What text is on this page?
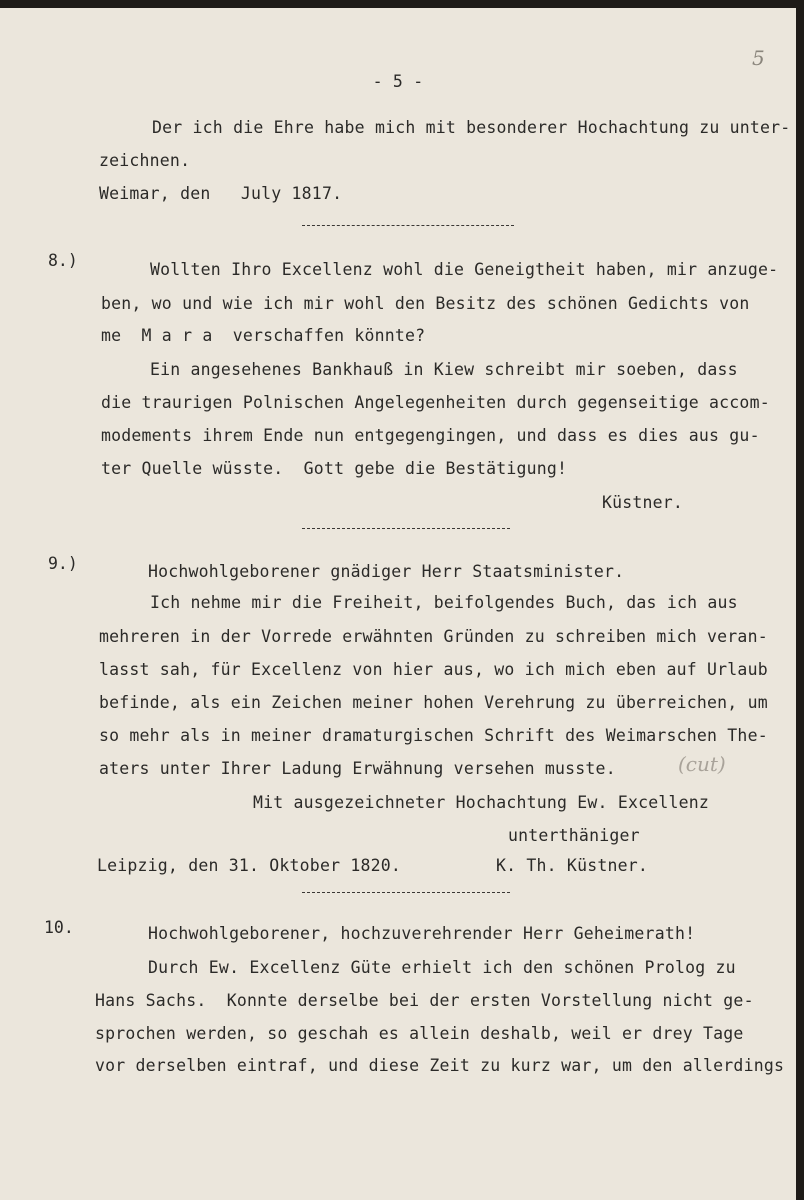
- 5 -
5
Der ich die Ehre habe mich mit besonderer Hochachtung zu unter-
zeichnen.
Weimar, den   July 1817.
8.)	Wollten Ihro Excellenz wohl die Geneigtheit haben, mir anzuge-
ben, wo und wie ich mir wohl den Besitz des schönen Gedichts von
me  M a r a  verschaffen könnte?
Ein angesehenes Bankhauß in Kiew schreibt mir soeben, dass
die traurigen Polnischen Angelegenheiten durch gegenseitige accom-
modements ihrem Ende nun entgegengingen, und dass es dies aus gu-
ter Quelle wüsste.  Gott gebe die Bestätigung!
Küstner.
9.)	Hochwohlgeborener gnädiger Herr Staatsminister.
Ich nehme mir die Freiheit, beifolgendes Buch, das ich aus
mehreren in der Vorrede erwähnten Gründen zu schreiben mich veran-
lasst sah, für Excellenz von hier aus, wo ich mich eben auf Urlaub
befinde, als ein Zeichen meiner hohen Verehrung zu überreichen, um
so mehr als in meiner dramaturgischen Schrift des Weimarschen The-
aters unter Ihrer Ladung Erwähnung versehen musste.	(cut)
Mit ausgezeichneter Hochachtung Ew. Excellenz
unterthäniger
Leipzig, den 31. Oktober 1820.	K. Th. Küstner.
10.	Hochwohlgeborener, hochzuverehrender Herr Geheimerath!
Durch Ew. Excellenz Güte erhielt ich den schönen Prolog zu
Hans Sachs.  Konnte derselbe bei der ersten Vorstellung nicht ge-
sprochen werden, so geschah es allein deshalb, weil er drey Tage
vor derselben eintraf, und diese Zeit zu kurz war, um den allerdings
